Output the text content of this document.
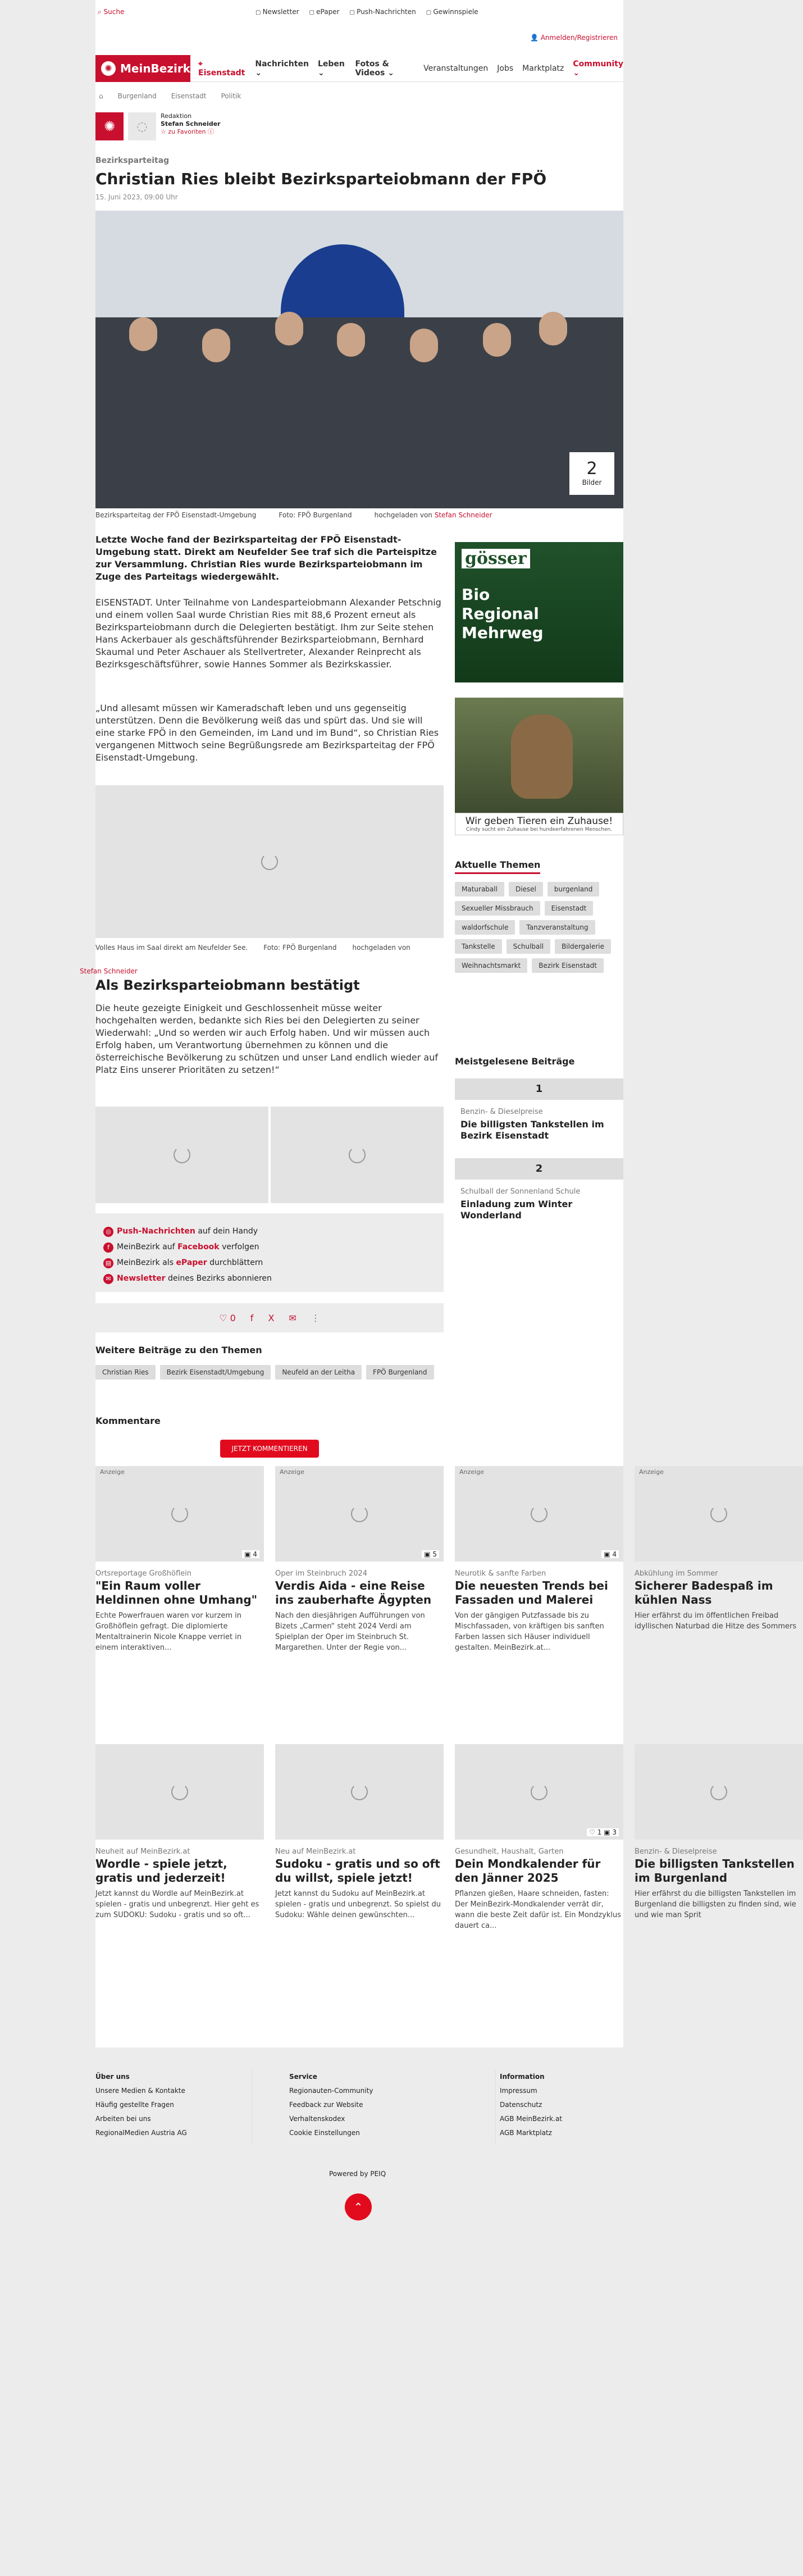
⌕ Suche	▢ Newsletter	▢ ePaper	▢ Push-Nachrichten	▢ Gewinnspiele
👤 Anmelden/Registrieren
✺ MeinBezirk ⌖ Eisenstadt
Nachrichten ⌄
Leben ⌄
Fotos & Videos ⌄	Veranstaltungen Jobs Marktplatz Community ⌄
⌂ Burgenland Eisenstadt Politik
✺	◌
Redaktion
Stefan Schneider
☆ zu Favoriten ⓘ
Bezirksparteitag
Christian Ries bleibt Bezirksparteiobmann der FPÖ
15. Juni 2023, 09:00 Uhr
2
Bilder
Bezirksparteitag der FPÖ Eisenstadt-Umgebung	Foto: FPÖ Burgenland	hochgeladen von Stefan Schneider

Letzte Woche fand der Bezirksparteitag der FPÖ Eisenstadt-Umgebung statt. Direkt am Neufelder See traf sich die Parteispitze zur Versammlung. Christian Ries wurde Bezirksparteiobmann im Zuge des Parteitags wiedergewählt.

EISENSTADT. Unter Teilnahme von Landesparteiobmann Alexander Petschnig und einem vollen Saal wurde Christian Ries mit 88,6 Prozent erneut als Bezirksparteiobmann durch die Delegierten bestätigt. Ihm zur Seite stehen Hans Ackerbauer als geschäftsführender Bezirksparteiobmann, Bernhard Skaumal und Peter Aschauer als Stellvertreter, Alexander Reinprecht als Bezirksgeschäftsführer, sowie Hannes Sommer als Bezirkskassier.

„Und allesamt müssen wir Kameradschaft leben und uns gegenseitig unterstützen. Denn die Bevölkerung weiß das und spürt das. Und sie will eine starke FPÖ in den Gemeinden, im Land und im Bund“, so Christian Ries vergangenen Mittwoch seine Begrüßungsrede am Bezirksparteitag der FPÖ Eisenstadt-Umgebung.

Volles Haus im Saal direkt am Neufelder See. Foto: FPÖ Burgenland hochgeladen von
Stefan Schneider
Als Bezirksparteiobmann bestätigt

Die heute gezeigte Einigkeit und Geschlossenheit müsse weiter hochgehalten werden, bedankte sich Ries bei den Delegierten zu seiner Wiederwahl: „Und so werden wir auch Erfolg haben. Und wir müssen auch Erfolg haben, um Verantwortung übernehmen zu können und die österreichische Bevölkerung zu schützen und unser Land endlich wieder auf Platz Eins unserer Prioritäten zu setzen!“

◎ Push-Nachrichten auf dein Handy
f MeinBezirk auf Facebook verfolgen
▤ MeinBezirk als ePaper durchblättern
✉ Newsletter deines Bezirks abonnieren
♡ 0 f X ✉ ⋮
Weitere Beiträge zu den Themen
Christian Ries	Bezirk Eisenstadt/Umgebung	Neufeld an der Leitha	FPÖ Burgenland
Kommentare
JETZT KOMMENTIEREN
gösser
Bio Regional Mehrweg
Wir geben Tieren ein Zuhause!
Cindy sucht ein Zuhause bei hundeerfahrenen Menschen.
Aktuelle Themen
Maturaball	Diesel	burgenland
Sexueller Missbrauch	Eisenstadt
waldorfschule	Tanzveranstaltung
Tankstelle	Schulball	Bildergalerie
Weihnachtsmarkt	Bezirk Eisenstadt
Meistgelesene Beiträge
1
Benzin- & Dieselpreise
Die billigsten Tankstellen im Bezirk Eisenstadt
2
Schulball der Sonnenland Schule
Einladung zum Winter Wonderland
Anzeige
▣ 4
Ortsreportage Großhöflein
"Ein Raum voller Heldinnen ohne Umhang"
Echte Powerfrauen waren vor kurzem in Großhöflein gefragt. Die diplomierte Mentaltrainerin Nicole Knappe verriet in einem interaktiven...
Anzeige
▣ 5
Oper im Steinbruch 2024
Verdis Aida - eine Reise ins zauberhafte Ägypten
Nach den diesjährigen Aufführungen von Bizets „Carmen“ steht 2024 Verdi am Spielplan der Oper im Steinbruch St. Margarethen. Unter der Regie von...
Anzeige
▣ 4
Neurotik & sanfte Farben
Die neuesten Trends bei Fassaden und Malerei
Von der gängigen Putzfassade bis zu Mischfassaden, von kräftigen bis sanften Farben lassen sich Häuser individuell gestalten. MeinBezirk.at...
Anzeige
Abkühlung im Sommer
Sicherer Badespaß im kühlen Nass
Hier erfährst du im öffentlichen Freibad idyllischen Naturbad die Hitze des Sommers
Neuheit auf MeinBezirk.at
Wordle - spiele jetzt, gratis und jederzeit!
Jetzt kannst du Wordle auf MeinBezirk.at spielen - gratis und unbegrenzt. Hier geht es zum SUDOKU: Sudoku - gratis und so oft...
Neu auf MeinBezirk.at
Sudoku - gratis und so oft du willst, spiele jetzt!
Jetzt kannst du Sudoku auf MeinBezirk.at spielen - gratis und unbegrenzt. So spielst du Sudoku: Wähle deinen gewünschten...
♡ 1 ▣ 3
Gesundheit, Haushalt, Garten
Dein Mondkalender für den Jänner 2025
Pflanzen gießen, Haare schneiden, fasten: Der MeinBezirk-Mondkalender verrät dir, wann die beste Zeit dafür ist. Ein Mondzyklus dauert ca...
Benzin- & Dieselpreise
Die billigsten Tankstellen im Burgenland
Hier erfährst du die billigsten Tankstellen im Burgenland die billigsten zu finden sind, wie und wie man Sprit
Über uns
Unsere Medien & Kontakte
Häufig gestellte Fragen
Arbeiten bei uns
RegionalMedien Austria AG
Service
Regionauten-Community
Feedback zur Website
Verhaltenskodex
Cookie Einstellungen
Information
Impressum
Datenschutz
AGB MeinBezirk.at
AGB Marktplatz
Powered by PEIQ
⌃
